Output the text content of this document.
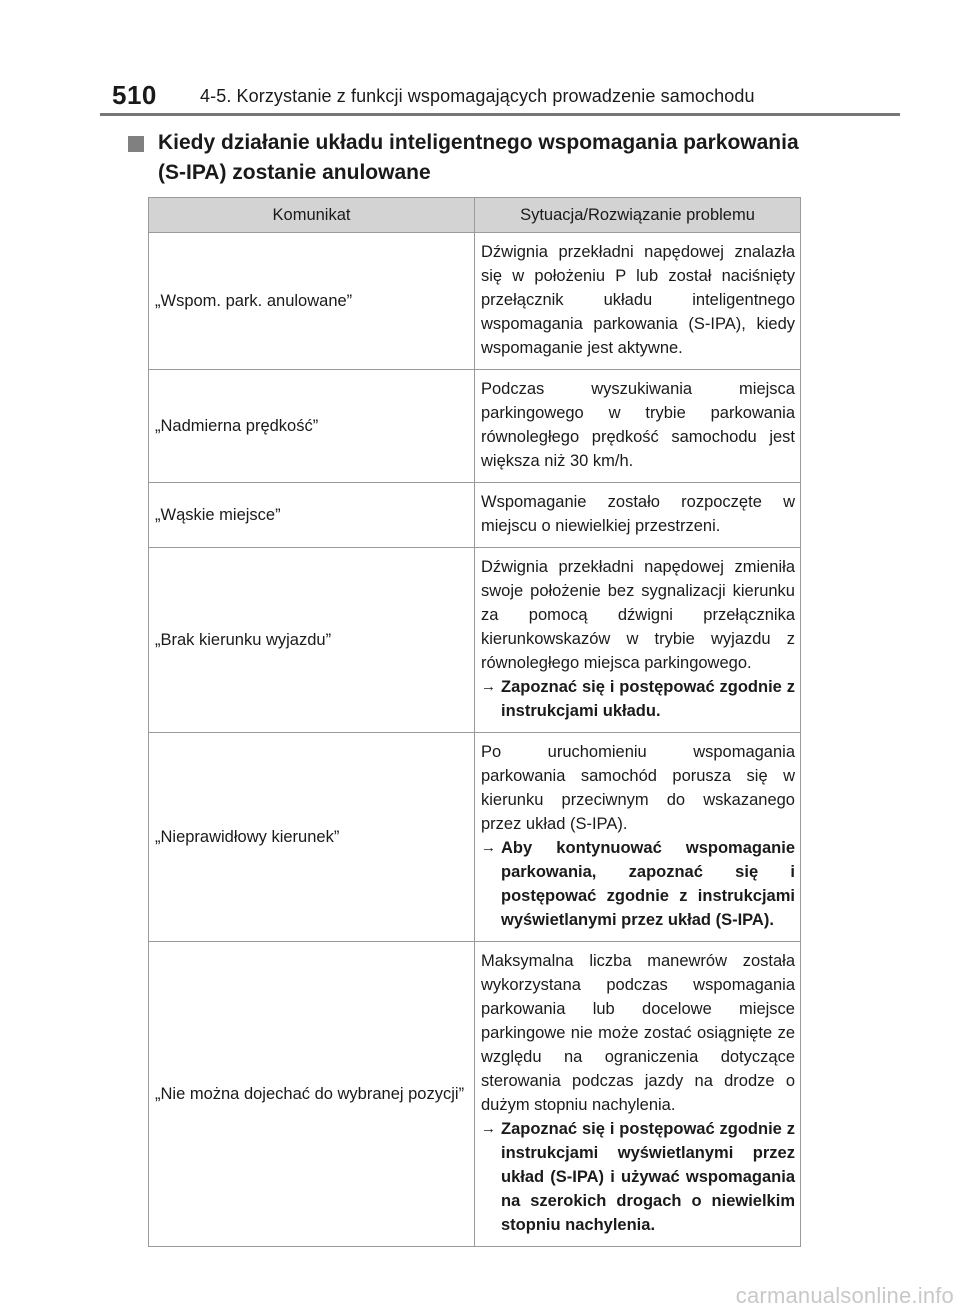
510 4-5. Korzystanie z funkcji wspomagających prowadzenie samochodu
Kiedy działanie układu inteligentnego wspomagania parkowania (S-IPA) zostanie anulowane
Komunikat	Sytuacja/Rozwiązanie problemu
„Wspom. park. anulowane”	Dźwignia przekładni napędowej znalazła się w położeniu P lub został naciśnięty przełącznik układu inteligentnego wspomagania parkowania (S-IPA), kiedy wspomaganie jest aktywne.

„Nadmierna prędkość”	Podczas wyszukiwania miejsca parkingowego w trybie parkowania równoległego prędkość samochodu jest większa niż 30 km/h.

„Wąskie miejsce”	Wspomaganie zostało rozpoczęte w miejscu o niewielkiej przestrzeni.

„Brak kierunku wyjazdu”	Dźwignia przekładni napędowej zmieniła swoje położenie bez sygnalizacji kierunku za pomocą dźwigni przełącznika kierunkowskazów w trybie wyjazdu z równoległego miejsca parkingowego.
→ Zapoznać się i postępować zgodnie z instrukcjami układu.

„Nieprawidłowy kierunek”	Po uruchomieniu wspomagania parkowania samochód porusza się w kierunku przeciwnym do wskazanego przez układ (S-IPA).
→ Aby kontynuować wspomaganie parkowania, zapoznać się i postępować zgodnie z instrukcjami wyświetlanymi przez układ (S-IPA).

„Nie można dojechać do wybranej pozycji”	Maksymalna liczba manewrów została wykorzystana podczas wspomagania parkowania lub docelowe miejsce parkingowe nie może zostać osiągnięte ze względu na ograniczenia dotyczące sterowania podczas jazdy na drodze o dużym stopniu nachylenia.
→ Zapoznać się i postępować zgodnie z instrukcjami wyświetlanymi przez układ (S-IPA) i używać wspomagania na szerokich drogach o niewielkim stopniu nachylenia.
carmanualsonline.info
